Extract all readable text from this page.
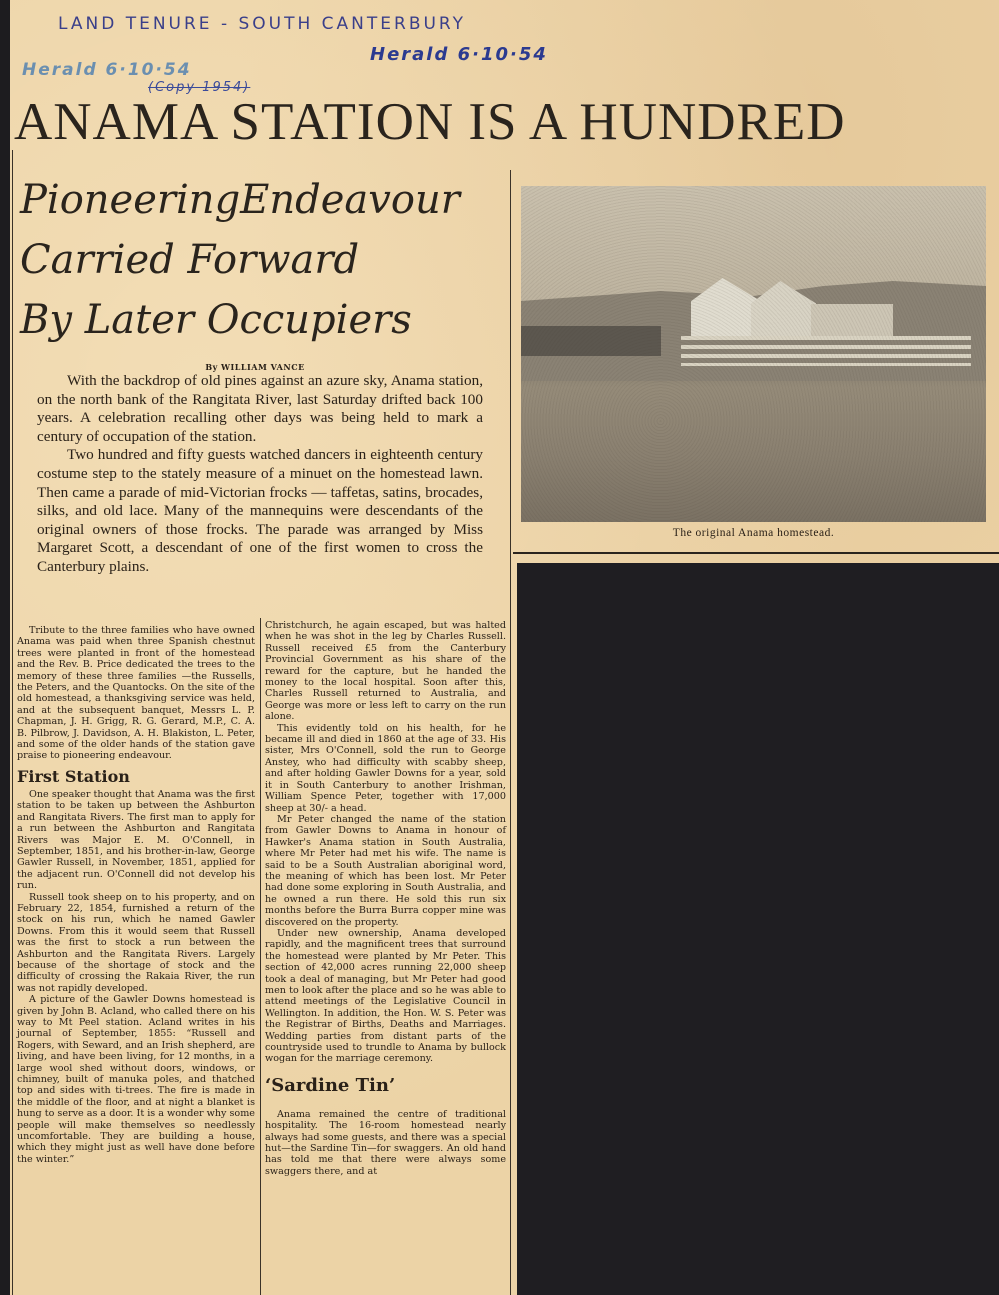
LAND TENURE - SOUTH CANTERBURY
Herald 6·10·54
(Copy 1954)
Herald 6·10·54
ANAMA STATION IS A HUNDRED
PioneeringEndeavour
Carried Forward
By Later Occupiers
By WILLIAM VANCE

With the backdrop of old pines against an azure sky, Anama station, on the north bank of the Rangitata River, last Saturday drifted back 100 years. A celebration recalling other days was being held to mark a century of occupation of the station.

Two hundred and fifty guests watched dancers in eighteenth century costume step to the stately measure of a minuet on the homestead lawn. Then came a parade of mid-Victorian frocks — taffetas, satins, brocades, silks, and old lace. Many of the mannequins were descendants of the original owners of those frocks. The parade was arranged by Miss Margaret Scott, a descendant of one of the first women to cross the Canterbury plains.

Tribute to the three families who have owned Anama was paid when three Spanish chestnut trees were planted in front of the homestead and the Rev. B. Price dedicated the trees to the memory of these three families —the Russells, the Peters, and the Quantocks. On the site of the old homestead, a thanksgiving service was held, and at the subsequent banquet, Messrs L. P. Chapman, J. H. Grigg, R. G. Gerard, M.P., C. A. B. Pilbrow, J. Davidson, A. H. Blakiston, L. Peter, and some of the older hands of the station gave praise to pioneering endeavour.

First Station

One speaker thought that Anama was the first station to be taken up between the Ashburton and Rangitata Rivers. The first man to apply for a run between the Ashburton and Rangitata Rivers was Major E. M. O'Connell, in September, 1851, and his brother-in-law, George Gawler Russell, in November, 1851, applied for the adjacent run. O'Connell did not develop his run.

Russell took sheep on to his property, and on February 22, 1854, furnished a return of the stock on his run, which he named Gawler Downs. From this it would seem that Russell was the first to stock a run between the Ashburton and the Rangitata Rivers. Largely because of the shortage of stock and the difficulty of crossing the Rakaia River, the run was not rapidly developed.

A picture of the Gawler Downs homestead is given by John B. Acland, who called there on his way to Mt Peel station. Acland writes in his journal of September, 1855: “Russell and Rogers, with Seward, and an Irish shepherd, are living, and have been living, for 12 months, in a large wool shed without doors, windows, or chimney, built of manuka poles, and thatched top and sides with ti-trees. The fire is made in the middle of the floor, and at night a blanket is hung to serve as a door. It is a wonder why some people will make themselves so needlessly uncomfortable. They are building a house, which they might just as well have done before the winter.”

Christchurch, he again escaped, but was halted when he was shot in the leg by Charles Russell. Russell received £5 from the Canterbury Provincial Government as his share of the reward for the capture, but he handed the money to the local hospital. Soon after this, Charles Russell returned to Australia, and George was more or less left to carry on the run alone.

This evidently told on his health, for he became ill and died in 1860 at the age of 33. His sister, Mrs O'Connell, sold the run to George Anstey, who had difficulty with scabby sheep, and after holding Gawler Downs for a year, sold it in South Canterbury to another Irishman, William Spence Peter, together with 17,000 sheep at 30/- a head.

Mr Peter changed the name of the station from Gawler Downs to Anama in honour of Hawker's Anama station in South Australia, where Mr Peter had met his wife. The name is said to be a South Australian aboriginal word, the meaning of which has been lost. Mr Peter had done some exploring in South Australia, and he owned a run there. He sold this run six months before the Burra Burra copper mine was discovered on the property.

Under new ownership, Anama developed rapidly, and the magnificent trees that surround the homestead were planted by Mr Peter. This section of 42,000 acres running 22,000 sheep took a deal of managing, but Mr Peter had good men to look after the place and so he was able to attend meetings of the Legislative Council in Wellington. In addition, the Hon. W. S. Peter was the Registrar of Births, Deaths and Marriages. Wedding parties from distant parts of the countryside used to trundle to Anama by bullock wogan for the marriage ceremony.

‘Sardine Tin’

Anama remained the centre of traditional hospitality. The 16-room homestead nearly always had some guests, and there was a special hut—the Sardine Tin—for swaggers. An old hand has told me that there were always some swaggers there, and at

The original Anama homestead.
